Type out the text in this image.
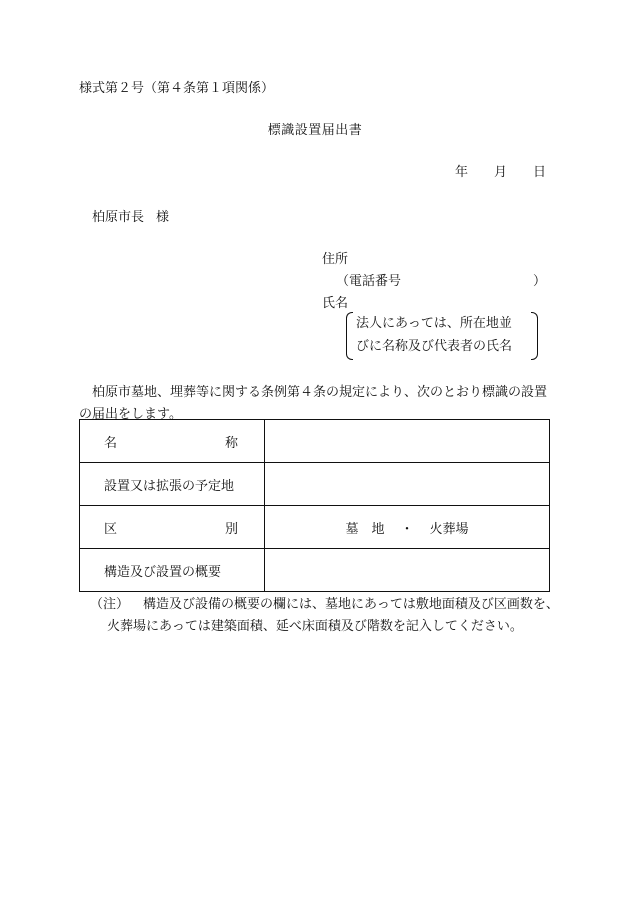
様式第２号（第４条第１項関係）
標識設置届出書
年 月 日
柏原市長 様
住所
（電話番号	）
氏名
法人にあっては、所在地並
びに名称及び代表者の氏名
柏原市墓地、埋葬等に関する条例第４条の規定により、次のとおり標識の設置の届出をします。
名　　称	
設置又は拡張の予定地	
区　　別	墓　地 ・ 火葬場
構造及び設置の概要	
（注） 構造及び設備の概要の欄には、墓地にあっては敷地面積及び区画数を、
火葬場にあっては建築面積、延べ床面積及び階数を記入してください。
